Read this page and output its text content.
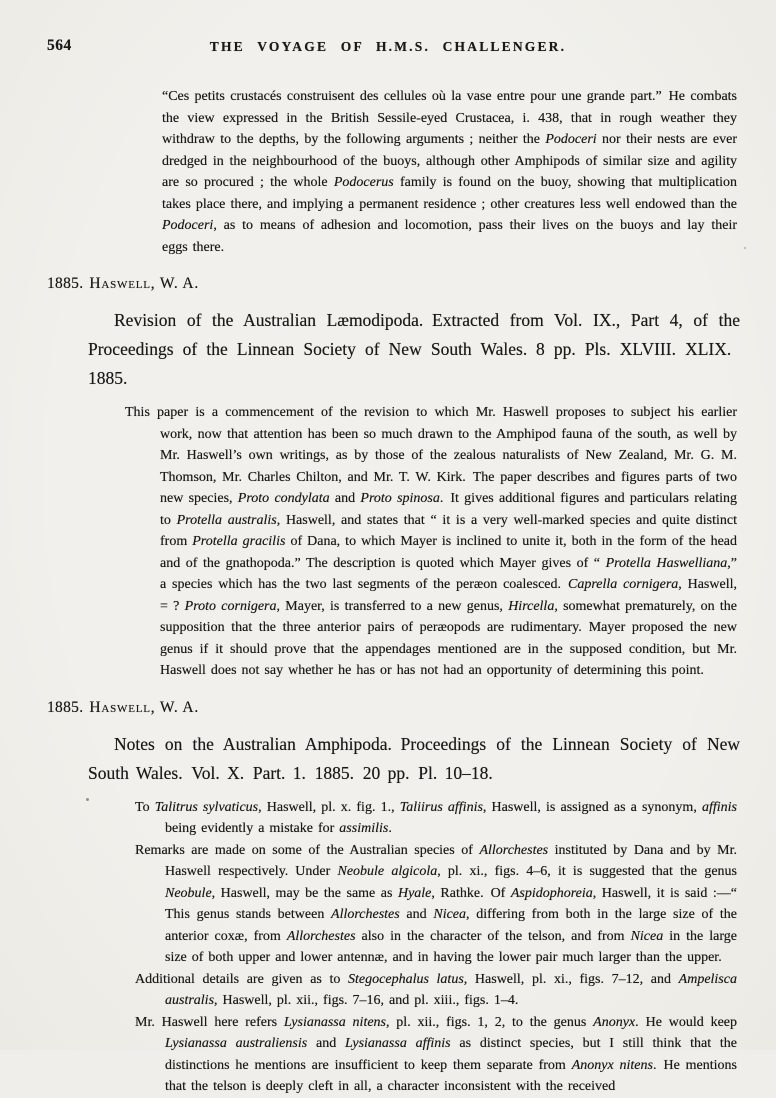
564	THE VOYAGE OF H.M.S. CHALLENGER.

“Ces petits crustacés construisent des cellules où la vase entre pour une grande part.” He combats the view expressed in the British Sessile-eyed Crustacea, i. 438, that in rough weather they withdraw to the depths, by the following arguments ; neither the Podoceri nor their nests are ever dredged in the neighbourhood of the buoys, although other Amphipods of similar size and agility are so procured ; the whole Podocerus family is found on the buoy, showing that multiplication takes place there, and implying a permanent residence ; other creatures less well endowed than the Podoceri, as to means of adhesion and locomotion, pass their lives on the buoys and lay their eggs there.

1885. Haswell, W. A.

Revision of the Australian Læmodipoda. Extracted from Vol. IX., Part 4, of the Proceedings of the Linnean Society of New South Wales. 8 pp. Pls. XLVIII. XLIX. 1885.

This paper is a commencement of the revision to which Mr. Haswell proposes to subject his earlier work, now that attention has been so much drawn to the Amphipod fauna of the south, as well by Mr. Haswell’s own writings, as by those of the zealous naturalists of New Zealand, Mr. G. M. Thomson, Mr. Charles Chilton, and Mr. T. W. Kirk. The paper describes and figures parts of two new species, Proto condylata and Proto spinosa. It gives additional figures and particulars relating to Protella australis, Haswell, and states that “ it is a very well-marked species and quite distinct from Protella gracilis of Dana, to which Mayer is inclined to unite it, both in the form of the head and of the gnathopoda.” The description is quoted which Mayer gives of “ Protella Haswelliana,” a species which has the two last segments of the peræon coalesced. Caprella cornigera, Haswell, = ? Proto cornigera, Mayer, is transferred to a new genus, Hircella, somewhat prematurely, on the supposition that the three anterior pairs of peræopods are rudimentary. Mayer proposed the new genus if it should prove that the appendages mentioned are in the supposed condition, but Mr. Haswell does not say whether he has or has not had an opportunity of determining this point.

1885. Haswell, W. A.

Notes on the Australian Amphipoda. Proceedings of the Linnean Society of New South Wales. Vol. X. Part. 1. 1885. 20 pp. Pl. 10–18.

To Talitrus sylvaticus, Haswell, pl. x. fig. 1., Taliirus affinis, Haswell, is assigned as a synonym, affinis being evidently a mistake for assimilis.

Remarks are made on some of the Australian species of Allorchestes instituted by Dana and by Mr. Haswell respectively. Under Neobule algicola, pl. xi., figs. 4–6, it is suggested that the genus Neobule, Haswell, may be the same as Hyale, Rathke. Of Aspidophoreia, Haswell, it is said :—“ This genus stands between Allorchestes and Nicea, differing from both in the large size of the anterior coxæ, from Allorchestes also in the character of the telson, and from Nicea in the large size of both upper and lower antennæ, and in having the lower pair much larger than the upper.

Additional details are given as to Stegocephalus latus, Haswell, pl. xi., figs. 7–12, and Ampelisca australis, Haswell, pl. xii., figs. 7–16, and pl. xiii., figs. 1–4.

Mr. Haswell here refers Lysianassa nitens, pl. xii., figs. 1, 2, to the genus Anonyx. He would keep Lysianassa australiensis and Lysianassa affinis as distinct species, but I still think that the distinctions he mentions are insufficient to keep them separate from Anonyx nitens. He mentions that the telson is deeply cleft in all, a character inconsistent with the received
